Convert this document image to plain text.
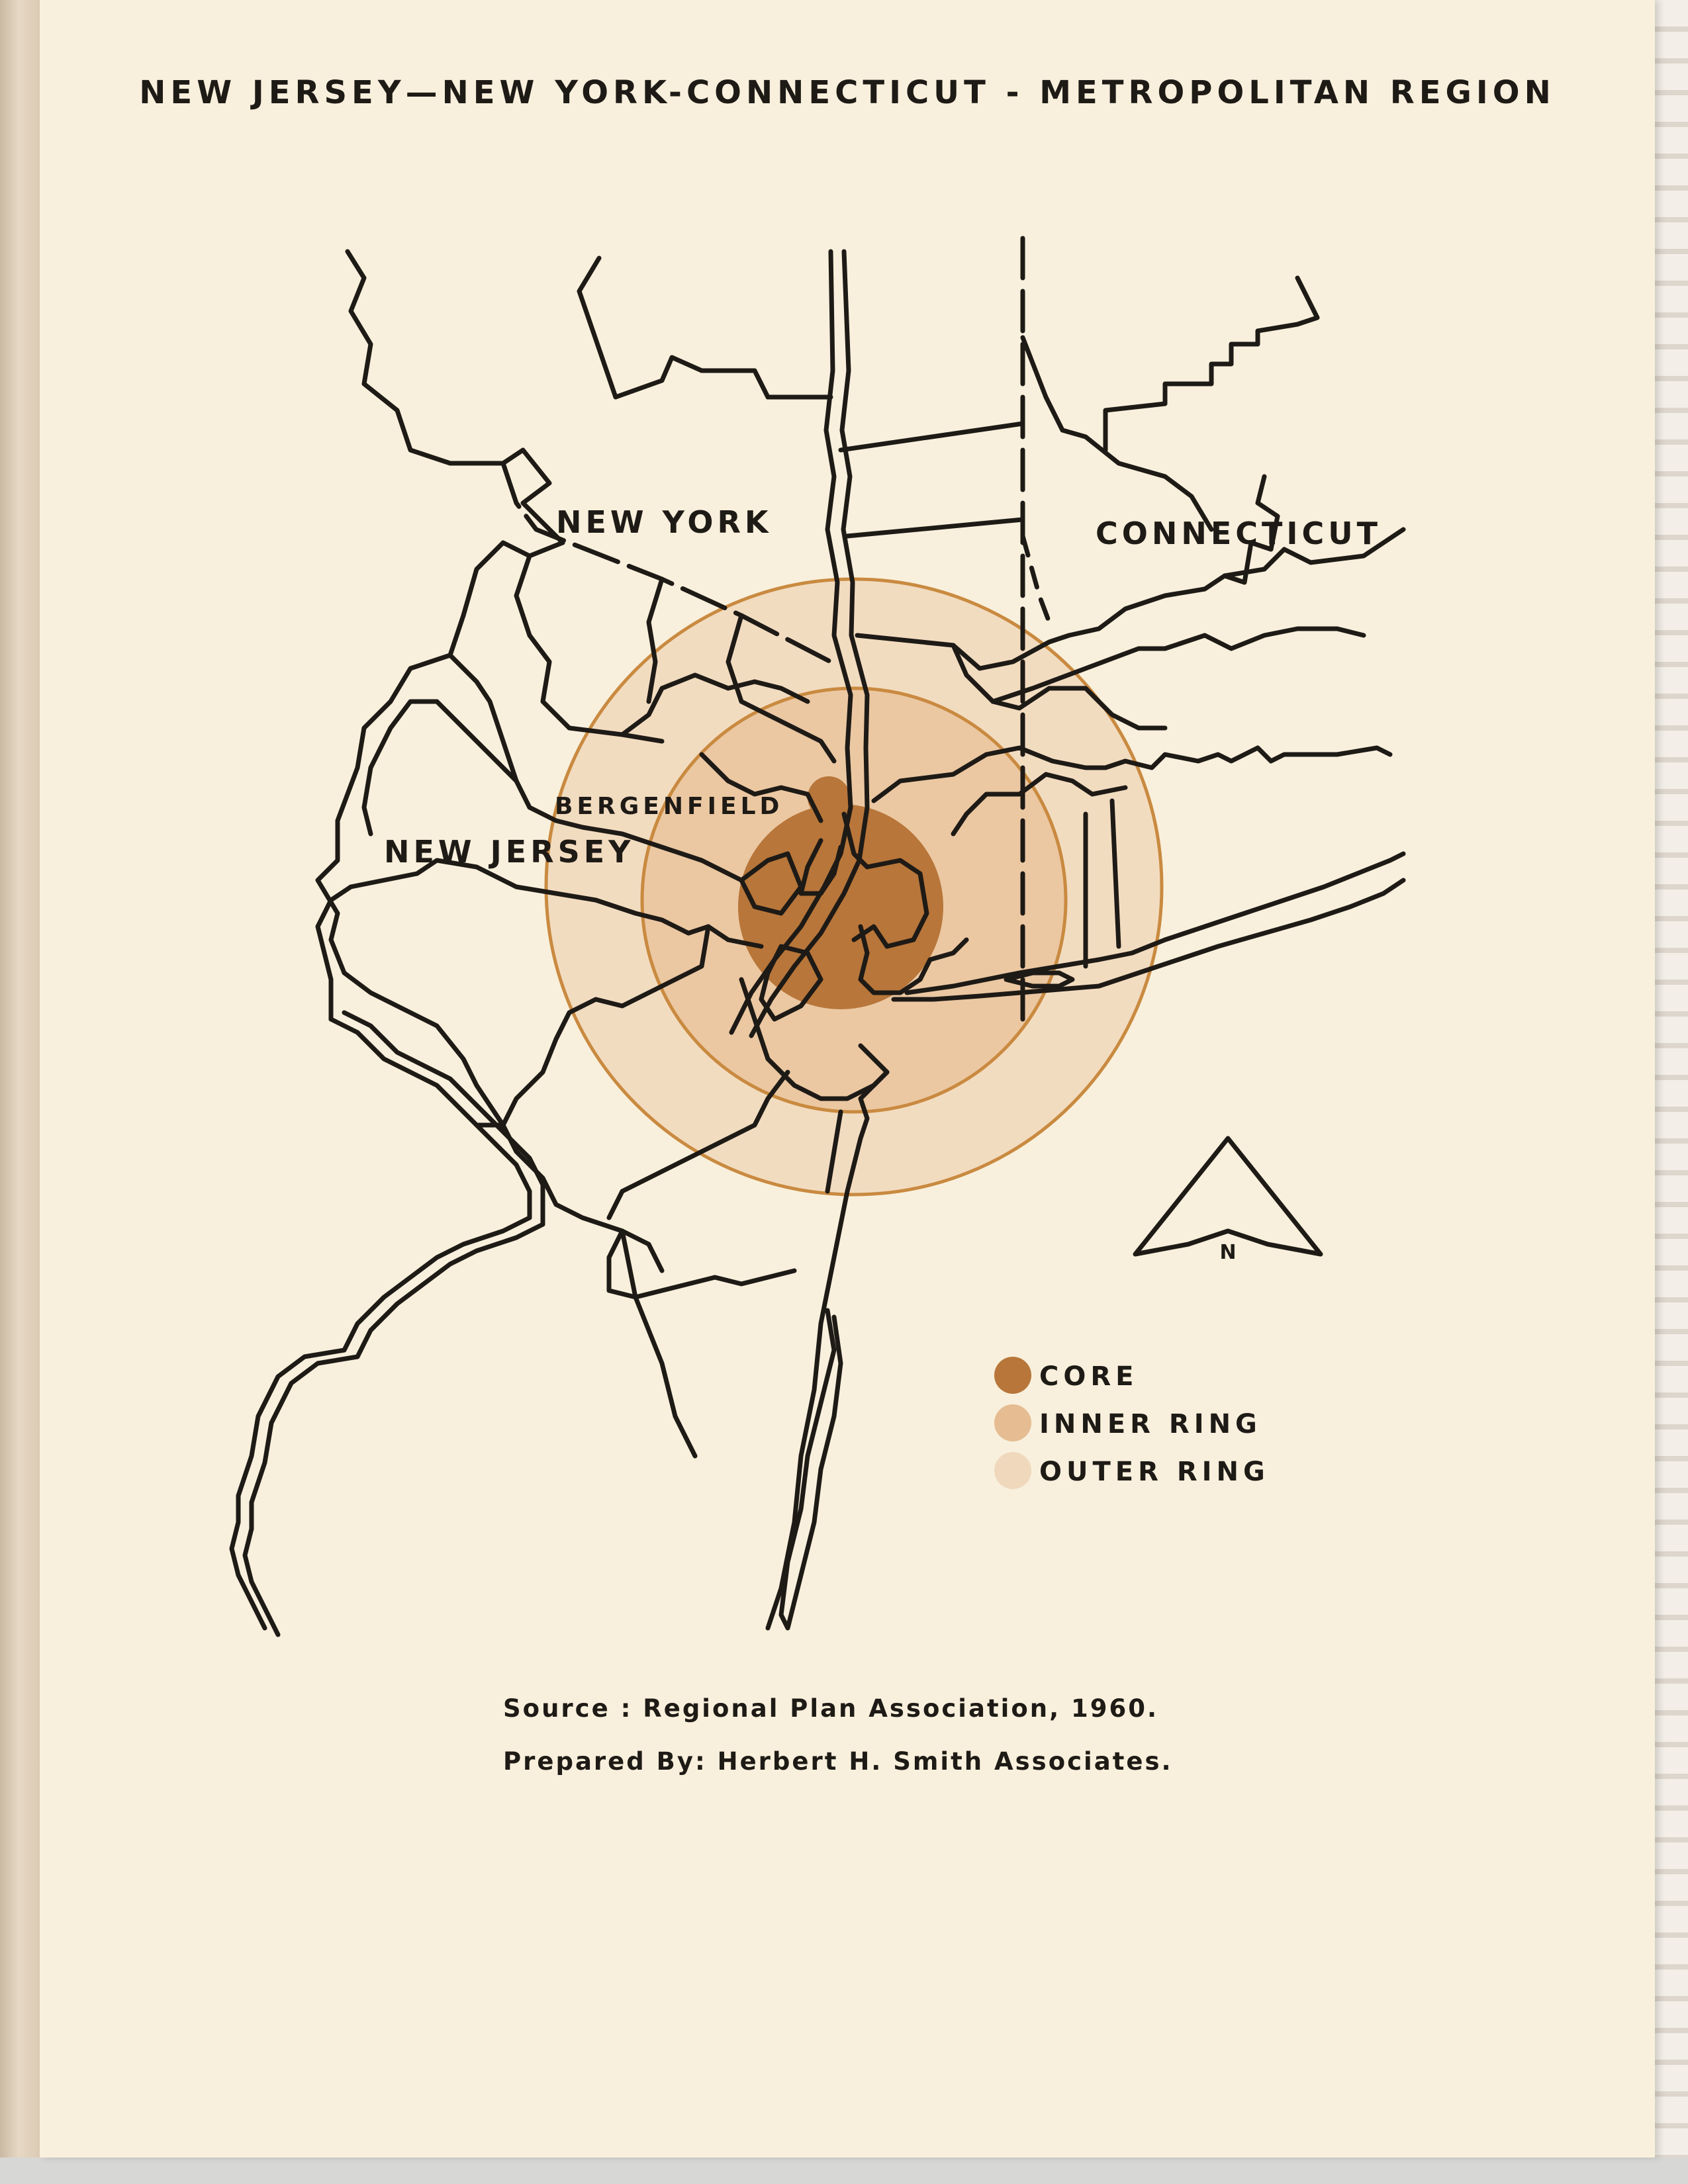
NEW JERSEY—NEW YORK-CONNECTICUT - METROPOLITAN REGION
NEW YORK	CONNECTICUT
NEW JERSEY
BERGENFIELD
N
CORE
INNER RING
OUTER RING
Source : Regional Plan Association, 1960.
Prepared By: Herbert H. Smith Associates.
